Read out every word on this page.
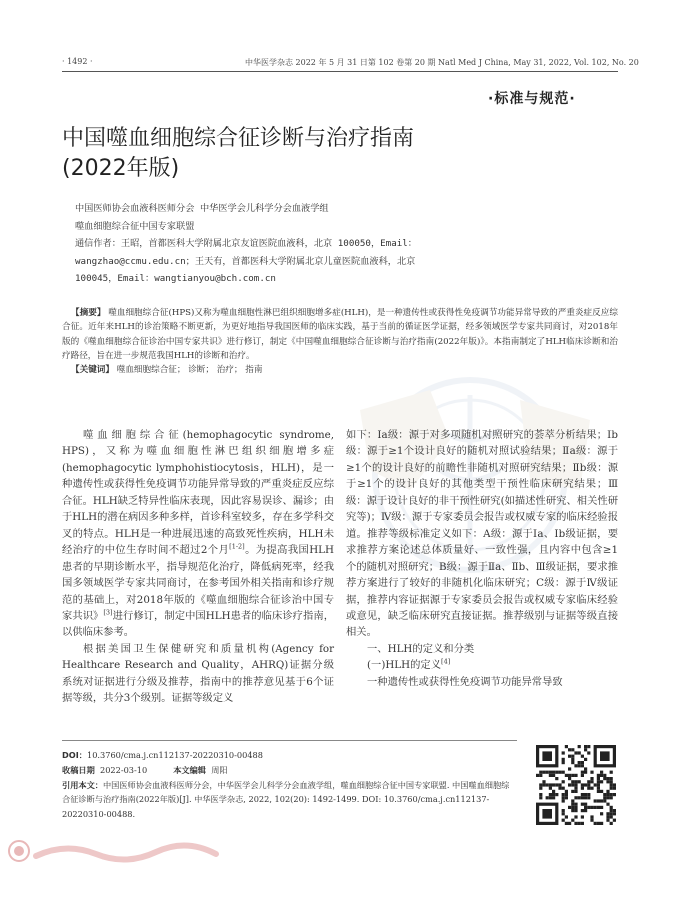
· 1492 ·	中华医学杂志 2022 年 5 月 31 日第 102 卷第 20 期 Natl Med J China, May 31, 2022, Vol. 102, No. 20
·标准与规范·
中国噬血细胞综合征诊断与治疗指南
(2022年版)
中国医师协会血液科医师分会 中华医学会儿科学分会血液学组
噬血细胞综合征中国专家联盟
通信作者：王昭，首都医科大学附属北京友谊医院血液科，北京 100050，Email：
wangzhao@ccmu.edu.cn；王天有，首都医科大学附属北京儿童医院血液科，北京
100045，Email：wangtianyou@bch.com.cn
【摘要】 噬血细胞综合征(HPS)又称为噬血细胞性淋巴组织细胞增多症(HLH)，是一种遗传性或获得性免疫调节功能异常导致的严重炎症反应综合征。近年来HLH的诊治策略不断更新，为更好地指导我国医师的临床实践，基于当前的循证医学证据，经多领域医学专家共同商讨，对2018年版的《噬血细胞综合征诊治中国专家共识》进行修订，制定《中国噬血细胞综合征诊断与治疗指南(2022年版)》。本指南制定了HLH临床诊断和治疗路径，旨在进一步规范我国HLH的诊断和治疗。
【关键词】 噬血细胞综合征； 诊断； 治疗； 指南

噬血细胞综合征(hemophagocytic syndrome, HPS)，又称为噬血细胞性淋巴组织细胞增多症(hemophagocytic lymphohistiocytosis，HLH)，是一种遗传性或获得性免疫调节功能异常导致的严重炎症反应综合征。HLH缺乏特异性临床表现，因此容易误诊、漏诊；由于HLH的潜在病因多种多样，首诊科室较多，存在多学科交叉的特点。HLH是一种进展迅速的高致死性疾病，HLH未经治疗的中位生存时间不超过2个月[1-2]。为提高我国HLH患者的早期诊断水平，指导规范化治疗，降低病死率，经我国多领域医学专家共同商讨，在参考国外相关指南和诊疗规范的基础上，对2018年版的《噬血细胞综合征诊治中国专家共识》[3]进行修订，制定中国HLH患者的临床诊疗指南，以供临床参考。

根据美国卫生保健研究和质量机构(Agency for Healthcare Research and Quality，AHRQ)证据分级系统对证据进行分级及推荐，指南中的推荐意见基于6个证据等级，共分3个级别。证据等级定义

如下：Ⅰa级：源于对多项随机对照研究的荟萃分析结果；Ⅰb级：源于≥1个设计良好的随机对照试验结果；Ⅱa级：源于≥1个的设计良好的前瞻性非随机对照研究结果；Ⅱb级：源于≥1个的设计良好的其他类型干预性临床研究结果；Ⅲ级：源于设计良好的非干预性研究(如描述性研究、相关性研究等)；Ⅳ级：源于专家委员会报告或权威专家的临床经验报道。推荐等级标准定义如下：A级：源于Ⅰa、Ⅰb级证据，要求推荐方案论述总体质量好、一致性强，且内容中包含≥1个的随机对照研究；B级：源于Ⅱa、Ⅱb、Ⅲ级证据，要求推荐方案进行了较好的非随机化临床研究；C级：源于Ⅳ级证据，推荐内容证据源于专家委员会报告或权威专家临床经验或意见，缺乏临床研究直接证据。推荐级别与证据等级直接相关。

一、HLH的定义和分类

(一)HLH的定义[4]

一种遗传性或获得性免疫调节功能异常导致

DOI：10.3760/cma.j.cn112137-20220310-00488
收稿日期 2022-03-10	本文编辑 周阳
引用本文：中国医师协会血液科医师分会，中华医学会儿科学分会血液学组，噬血细胞综合征中国专家联盟. 中国噬血细胞综合征诊断与治疗指南(2022年版)[J]. 中华医学杂志, 2022, 102(20): 1492-1499. DOI: 10.3760/cma.j.cn112137-20220310-00488.
